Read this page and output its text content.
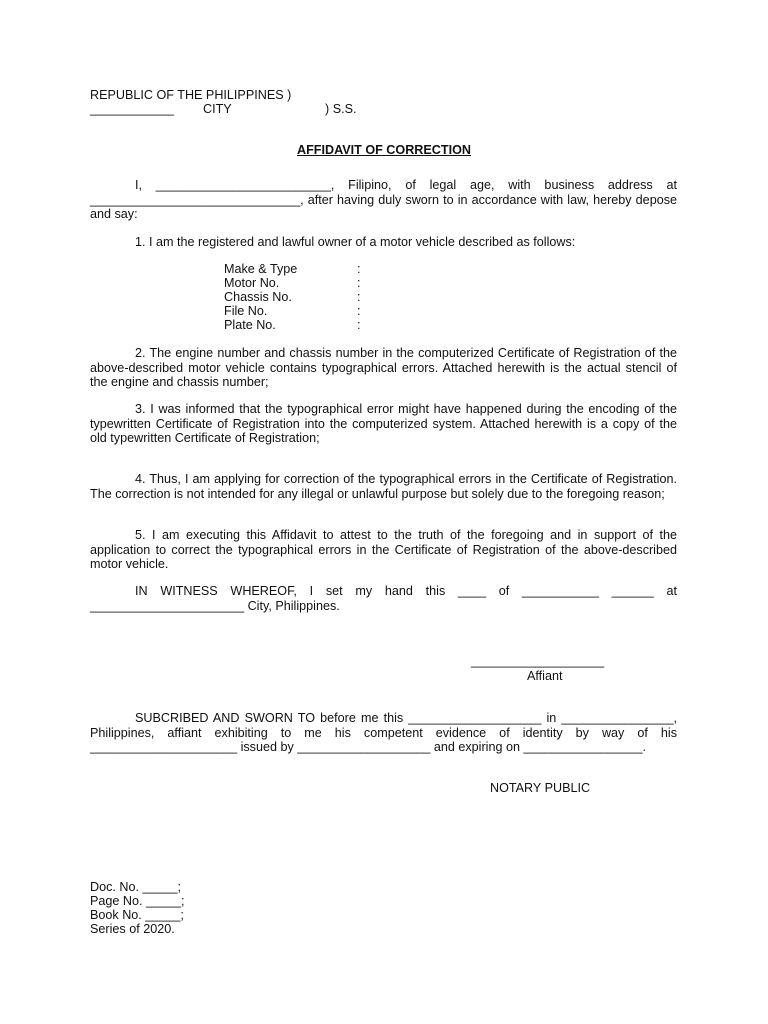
REPUBLIC OF THE PHILIPPINES )
____________ CITY	) S.S.
AFFIDAVIT OF CORRECTION
I, _________________________, Filipino, of legal age, with business address at ______________________________, after having duly sworn to in accordance with law, hereby depose and say:
1. I am the registered and lawful owner of a motor vehicle described as follows:
Make & Type	:
Motor No.	:
Chassis No.	:
File No.	:
Plate No.	:
2. The engine number and chassis number in the computerized Certificate of Registration of the above-described motor vehicle contains typographical errors. Attached herewith is the actual stencil of the engine and chassis number;
3. I was informed that the typographical error might have happened during the encoding of the typewritten Certificate of Registration into the computerized system. Attached herewith is a copy of the old typewritten Certificate of Registration;
4. Thus, I am applying for correction of the typographical errors in the Certificate of Registration. The correction is not intended for any illegal or unlawful purpose but solely due to the foregoing reason;
5. I am executing this Affidavit to attest to the truth of the foregoing and in support of the application to correct the typographical errors in the Certificate of Registration of the above-described motor vehicle.
IN WITNESS WHEREOF, I set my hand this ____ of ___________ ______ at ______________________ City, Philippines.
___________________
Affiant
SUBCRIBED AND SWORN TO before me this ___________________ in ________________, Philippines, affiant exhibiting to me his competent evidence of identity by way of his _____________________ issued by ___________________ and expiring on _________________.
NOTARY PUBLIC
Doc. No. _____;
Page No. _____;
Book No. _____;
Series of 2020.
